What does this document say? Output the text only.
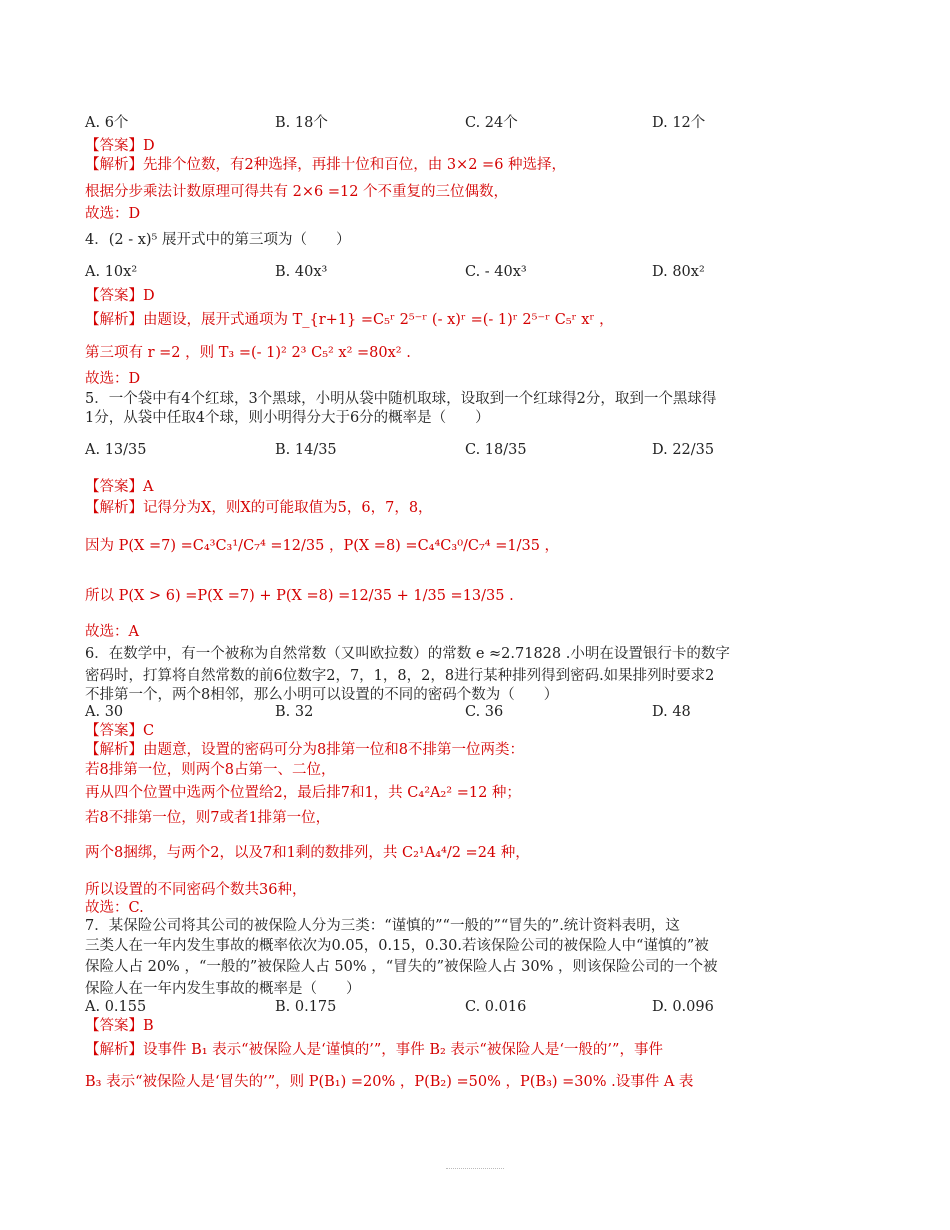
A. 6个	B. 18个	C. 24个	D. 12个
【答案】D
【解析】先排个位数，有2种选择，再排十位和百位，由 3×2 =6 种选择，
根据分步乘法计数原理可得共有 2×6 =12 个不重复的三位偶数，
故选：D
4．(2 - x)⁵ 展开式中的第三项为（　　）
A. 10x²	B. 40x³	C. - 40x³	D. 80x²
【答案】D
【解析】由题设，展开式通项为 T_{r+1} =C₅ʳ 2⁵⁻ʳ (- x)ʳ =(- 1)ʳ 2⁵⁻ʳ C₅ʳ xʳ ，
第三项有 r =2 ，则 T₃ =(- 1)² 2³ C₅² x² =80x² .
故选：D
5．一个袋中有4个红球，3个黑球，小明从袋中随机取球，设取到一个红球得2分，取到一个黑球得
1分，从袋中任取4个球，则小明得分大于6分的概率是（　　）
A. 13/35	B. 14/35	C. 18/35	D. 22/35
【答案】A
【解析】记得分为X，则X的可能取值为5，6，7，8，
因为 P(X =7) =C₄³C₃¹/C₇⁴ =12/35 ，P(X =8) =C₄⁴C₃⁰/C₇⁴ =1/35 ，
所以 P(X > 6) =P(X =7) + P(X =8) =12/35 + 1/35 =13/35 .
故选：A
6．在数学中，有一个被称为自然常数（又叫欧拉数）的常数 e ≈2.71828 .小明在设置银行卡的数字
密码时，打算将自然常数的前6位数字2，7，1，8，2，8进行某种排列得到密码.如果排列时要求2
不排第一个，两个8相邻，那么小明可以设置的不同的密码个数为（　　）
A. 30	B. 32	C. 36	D. 48
【答案】C
【解析】由题意，设置的密码可分为8排第一位和8不排第一位两类：
若8排第一位，则两个8占第一、二位，
再从四个位置中选两个位置给2，最后排7和1，共 C₄²A₂² =12 种；
若8不排第一位，则7或者1排第一位，
两个8捆绑，与两个2，以及7和1剩的数排列，共 C₂¹A₄⁴/2 =24 种，
所以设置的不同密码个数共36种，
故选：C.
7．某保险公司将其公司的被保险人分为三类：“谨慎的”“一般的”“冒失的”.统计资料表明，这
三类人在一年内发生事故的概率依次为0.05，0.15，0.30.若该保险公司的被保险人中“谨慎的”被
保险人占 20% ，“一般的”被保险人占 50% ，“冒失的”被保险人占 30% ，则该保险公司的一个被
保险人在一年内发生事故的概率是（　　）
A. 0.155	B. 0.175	C. 0.016	D. 0.096
【答案】B
【解析】设事件 B₁ 表示“被保险人是‘谨慎的’”，事件 B₂ 表示“被保险人是‘一般的’”，事件
B₃ 表示“被保险人是‘冒失的’”，则 P(B₁) =20% ，P(B₂) =50% ，P(B₃) =30% .设事件 A 表
